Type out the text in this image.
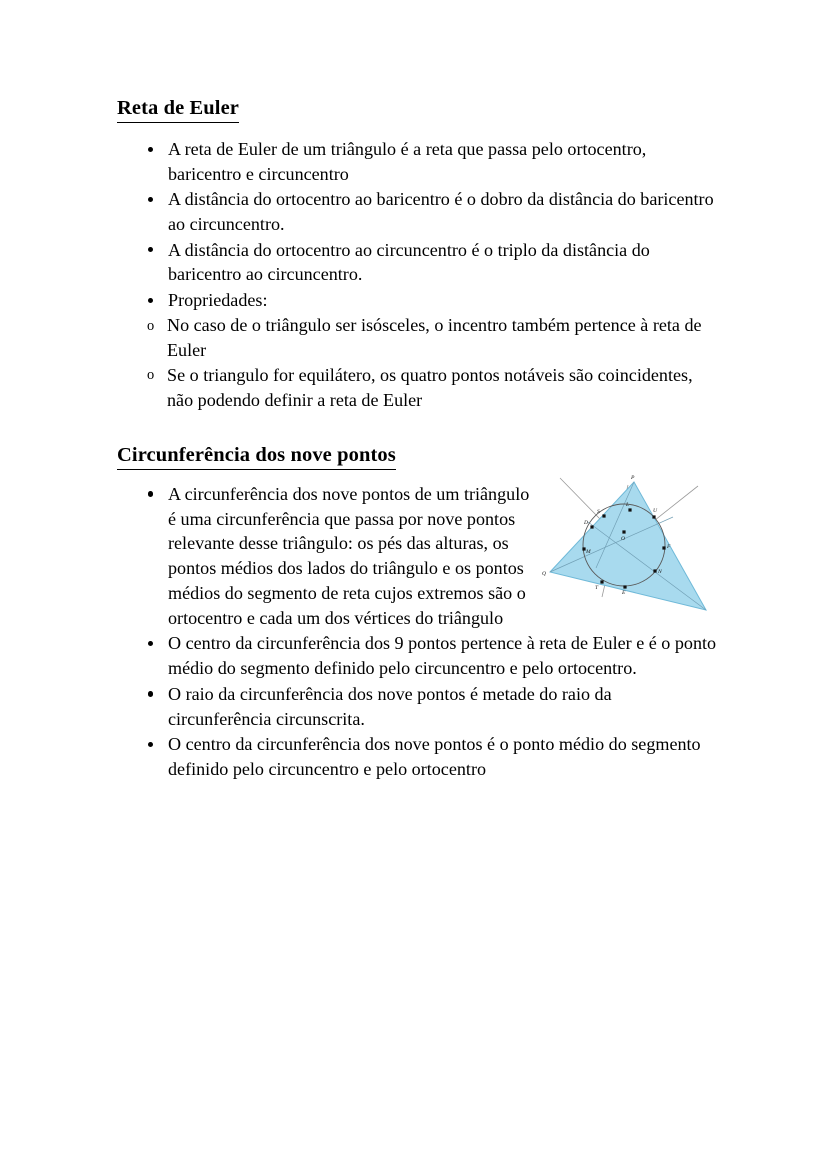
Reta de Euler
A reta de Euler de um triângulo é a reta que passa pelo ortocentro, baricentro e circuncentro
A distância do ortocentro ao baricentro é o dobro da distância do baricentro ao circuncentro.
A distância do ortocentro ao circuncentro é o triplo da distância do baricentro ao circuncentro.
Propriedades:
o No caso de o triângulo ser isósceles, o incentro também pertence à reta de Euler
o Se o triangulo for equilátero, os quatro pontos notáveis são coincidentes, não podendo definir a reta de Euler
Circunferência dos nove pontos
A circunferência dos nove pontos de um triângulo é uma circunferência que passa por nove pontos relevante desse triângulo: os pés das alturas, os pontos médios dos lados do triângulo e os pontos médios do segmento de reta cujos extremos são o ortocentro e cada um dos vértices do triângulo
O centro da circunferência dos 9 pontos pertence à reta de Euler e é o ponto médio do segmento definido pelo circuncentro e pelo ortocentro.
O raio da circunferência dos nove pontos é metade do raio da circunferência circunscrita.
O centro da circunferência dos nove pontos é o ponto médio do segmento definido pelo circuncentro e pelo ortocentro
P
S
L
U
D
O
M
F
N
T
E
Q
